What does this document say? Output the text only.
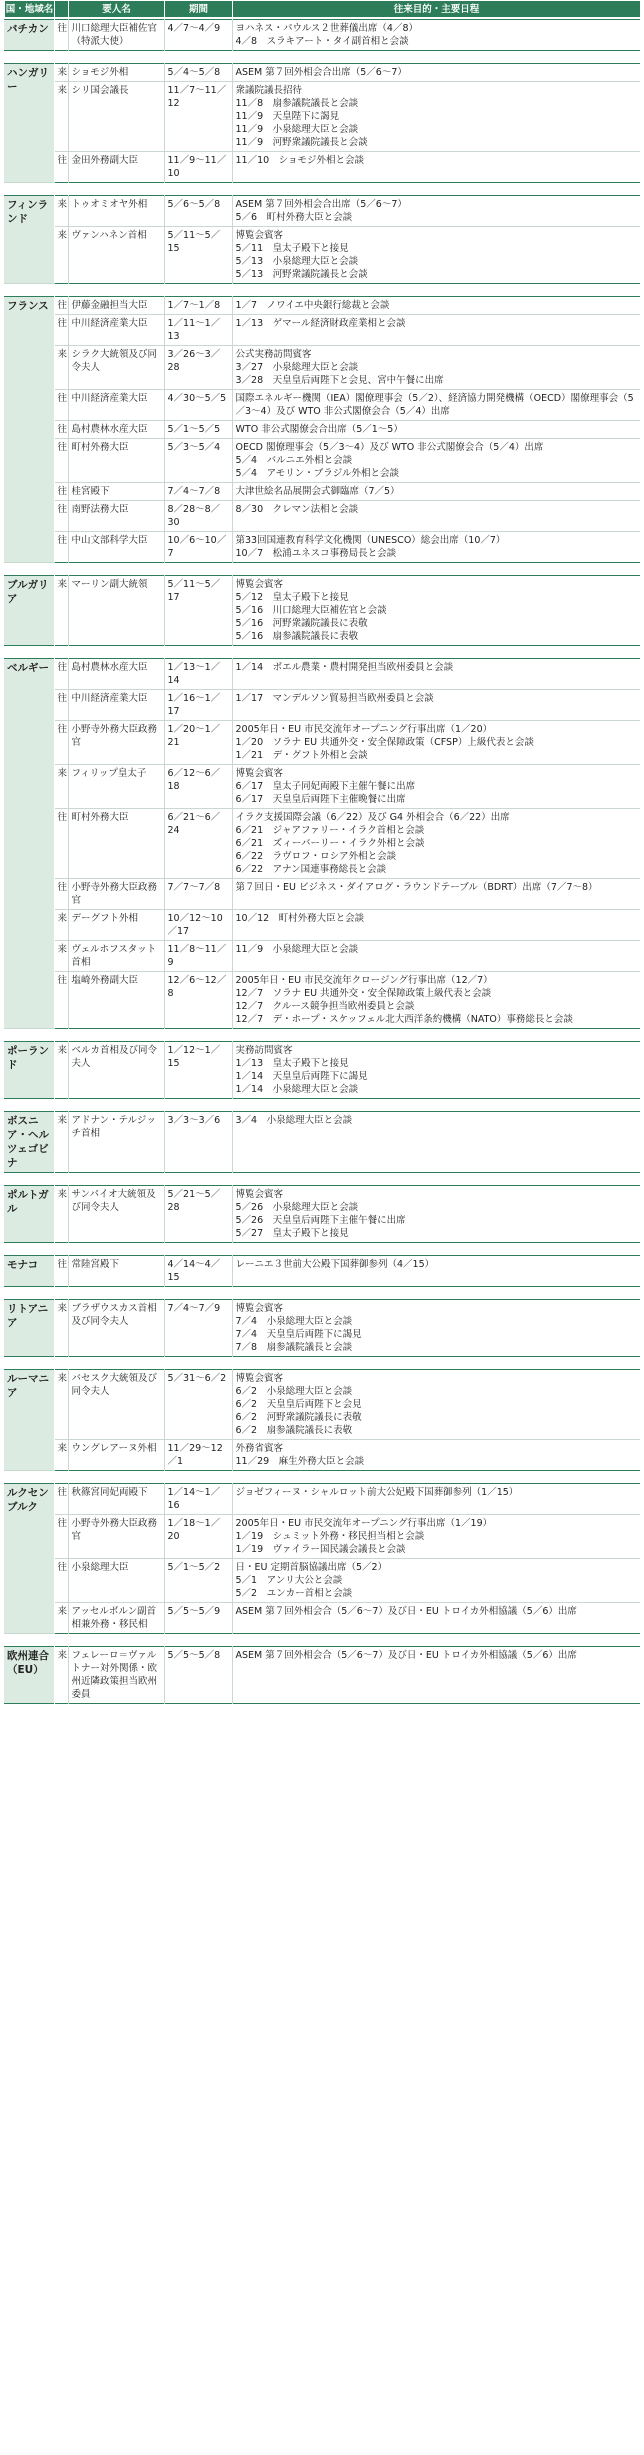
国・地域名		要人名	期間	往来目的・主要日程
バチカン	往	川口総理大臣補佐官（特派大使）	4／7～4／9	ヨハネス・パウルス２世葬儀出席（4／8）
4／8　スラキアート・タイ副首相と会談
ハンガリー	来	ショモジ外相	5／4～5／8	ASEM 第７回外相会合出席（5／6～7）

	来	シリ国会議長	11／7～11／12	衆議院議長招待
11／8　扇参議院議長と会談
11／9　天皇陛下に謁見
11／9　小泉総理大臣と会談
11／9　河野衆議院議長と会談

	往	金田外務副大臣	11／9～11／10	11／10　ショモジ外相と会談
フィンランド	来	トゥオミオヤ外相	5／6～5／8	ASEM 第７回外相会合出席（5／6～7）
5／6　町村外務大臣と会談

	来	ヴァンハネン首相	5／11～5／15	博覧会賓客
5／11　皇太子殿下と接見
5／13　小泉総理大臣と会談
5／13　河野衆議院議長と会談
フランス	往	伊藤金融担当大臣	1／7～1／8	1／7　ノワイエ中央銀行総裁と会談

	往	中川経済産業大臣	1／11～1／13	1／13　ゲマール経済財政産業相と会談

	来	シラク大統領及び同令夫人	3／26～3／28	公式実務訪問賓客
3／27　小泉総理大臣と会談
3／28　天皇皇后両陛下と会見、宮中午餐に出席

	往	中川経済産業大臣	4／30～5／5	国際エネルギー機関（IEA）閣僚理事会（5／2）、経済協力開発機構（OECD）閣僚理事会（5／3～4）及び WTO 非公式閣僚会合（5／4）出席

	往	島村農林水産大臣	5／1～5／5	WTO 非公式閣僚会合出席（5／1～5）

	往	町村外務大臣	5／3～5／4	OECD 閣僚理事会（5／3～4）及び WTO 非公式閣僚会合（5／4）出席
5／4　バルニエ外相と会談
5／4　アモリン・ブラジル外相と会談

	往	桂宮殿下	7／4～7／8	大津世絵名品展開会式御臨席（7／5）

	往	南野法務大臣	8／28～8／30	8／30　クレマン法相と会談

	往	中山文部科学大臣	10／6～10／7	第33回国連教育科学文化機関（UNESCO）総会出席（10／7）
10／7　松浦ユネスコ事務局長と会談
ブルガリア	来	マーリン副大統領	5／11～5／17	
博覧会賓客
5／12　皇太子殿下と接見
5／16　川口総理大臣補佐官と会談
5／16　河野衆議院議長に表敬
5／16　扇参議院議長に表敬
ベルギー	往	島村農林水産大臣	1／13～1／14	1／14　ボエル農業・農村開発担当欧州委員と会談

	往	中川経済産業大臣	1／16～1／17	1／17　マンデルソン貿易担当欧州委員と会談

	往	小野寺外務大臣政務官	1／20～1／21	2005年日・EU 市民交流年オープニング行事出席（1／20）
1／20　ソラナ EU 共通外交・安全保障政策（CFSP）上級代表と会談
1／21　デ・グフト外相と会談

	来	フィリップ皇太子	6／12～6／18	博覧会賓客
6／17　皇太子同妃両殿下主催午餐に出席
6／17　天皇皇后両陛下主催晩餐に出席

	往	町村外務大臣	6／21～6／24	イラク支援国際会議（6／22）及び G4 外相会合（6／22）出席
6／21　ジャアファリー・イラク首相と会談
6／21　ズィーバーリー・イラク外相と会談
6／22　ラヴロフ・ロシア外相と会談
6／22　アナン国連事務総長と会談

	往	小野寺外務大臣政務官	7／7～7／8	第７回日・EU ビジネス・ダイアログ・ラウンドテーブル（BDRT）出席（7／7～8）

	来	デーグフト外相	10／12～10／17	10／12　町村外務大臣と会談

	来	ヴェルホフスタット首相	11／8～11／9	11／9　小泉総理大臣と会談

	往	塩崎外務副大臣	12／6～12／8	2005年日・EU 市民交流年クロージング行事出席（12／7）
12／7　ソラナ EU 共通外交・安全保障政策上級代表と会談
12／7　クルース競争担当欧州委員と会談
12／7　デ・ホープ・スケッフェル北大西洋条約機構（NATO）事務総長と会談
ポーランド	来	ベルカ首相及び同令夫人	1／12～1／15	
実務訪問賓客
1／13　皇太子殿下と接見
1／14　天皇皇后両陛下に謁見
1／14　小泉総理大臣と会談
ボスニア・ヘルツェゴビナ	来	アドナン・テルジッチ首相	3／3～3／6	3／4　小泉総理大臣と会談
ポルトガル	来	サンパイオ大統領及び同令夫人	5／21～5／28	
博覧会賓客
5／26　小泉総理大臣と会談
5／26　天皇皇后両陛下主催午餐に出席
5／27　皇太子殿下と接見
モナコ	往	常陸宮殿下	4／14～4／15	
レーニエ３世前大公殿下国葬御参列（4／15）
リトアニア	来	ブラザウスカス首相及び同令夫人	7／4～7／9	博覧会賓客
7／4　小泉総理大臣と会談
7／4　天皇皇后両陛下に謁見
7／8　扇参議院議長と会談
ルーマニア	来	バセスク大統領及び同令夫人	5／31～6／2	博覧会賓客
6／2　小泉総理大臣と会談
6／2　天皇皇后両陛下と会見
6／2　河野衆議院議長に表敬
6／2　扇参議院議長に表敬

	来	ウングレアーヌ外相	11／29～12／1	外務省賓客
11／29　麻生外務大臣と会談
ルクセンブルク	往	秋篠宮同妃両殿下	1／14～1／16	ジョゼフィーヌ・シャルロット前大公妃殿下国葬御参列（1／15）

	往	小野寺外務大臣政務官	1／18～1／20	2005年日・EU 市民交流年オープニング行事出席（1／19）
1／19　シュミット外務・移民担当相と会談
1／19　ヴァイラー国民議会議長と会談

	往	小泉総理大臣	5／1～5／2	日・EU 定期首脳協議出席（5／2）
5／1　アンリ大公と会談
5／2　ユンカー首相と会談

	来	アッセルボルン副首相兼外務・移民相	5／5～5／9	ASEM 第７回外相会合（5／6～7）及び日・EU トロイカ外相協議（5／6）出席
欧州連合（EU）	来	フェレーロ＝ヴァルトナー対外関係・欧州近隣政策担当欧州委員	5／5～5／8	ASEM 第７回外相会合（5／6～7）及び日・EU トロイカ外相協議（5／6）出席
